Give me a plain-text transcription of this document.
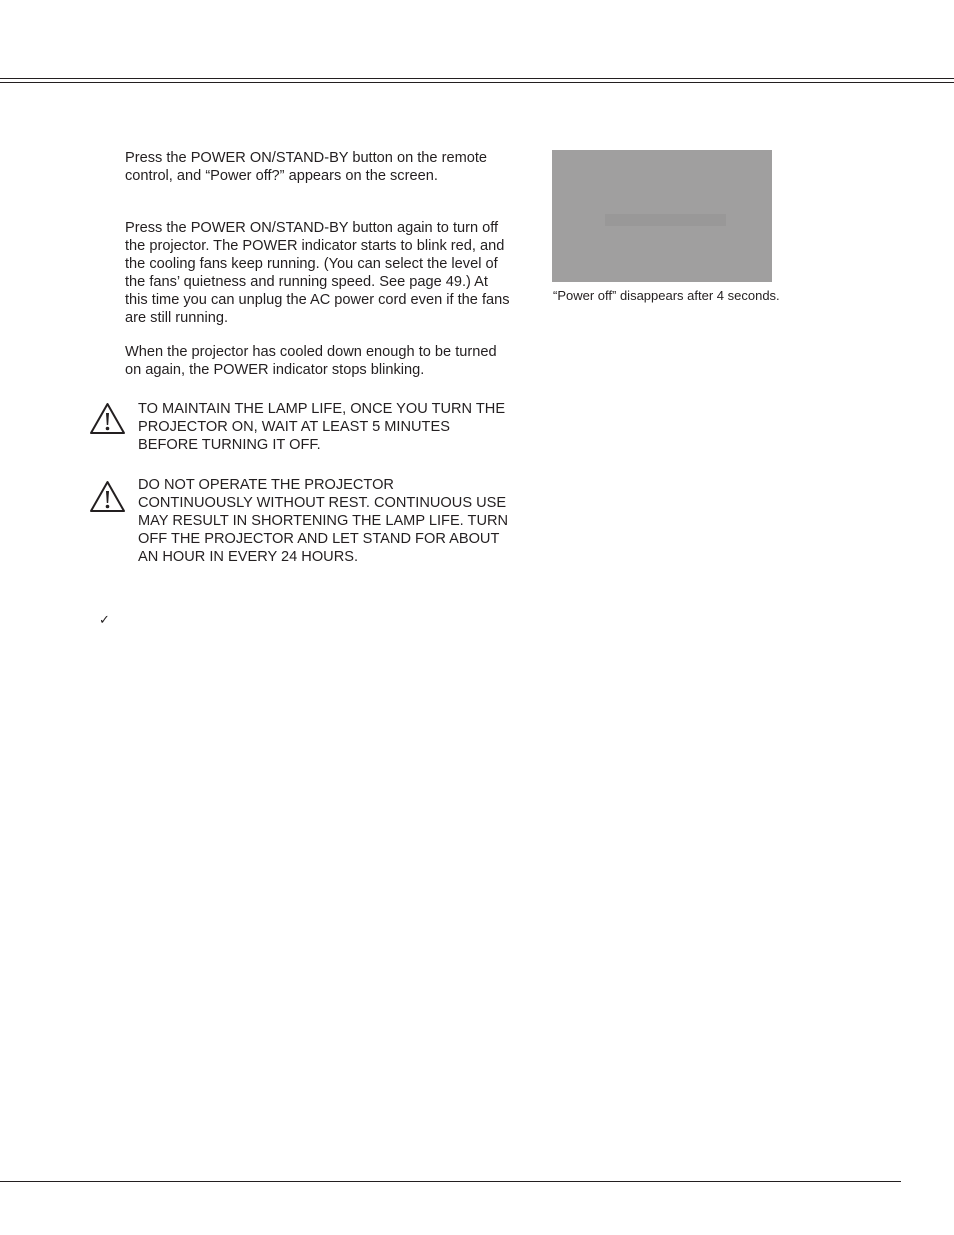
Press the POWER ON/STAND-BY button on the remote control, and “Power off?” appears on the screen.

Press the POWER ON/STAND-BY button again to turn off the projector. The POWER indicator starts to blink red, and the cooling fans keep running. (You can select the level of the fans’ quietness and running speed. See page 49.) At this time you can unplug the AC power cord even if the fans are still running.

When the projector has cooled down enough to be turned on again, the POWER indicator stops blinking.

TO MAINTAIN THE LAMP LIFE, ONCE YOU TURN THE PROJECTOR ON, WAIT AT LEAST 5 MINUTES BEFORE TURNING IT OFF.

DO NOT OPERATE THE PROJECTOR CONTINUOUSLY WITHOUT REST. CONTINUOUS USE MAY RESULT IN SHORTENING THE LAMP LIFE. TURN OFF THE PROJECTOR AND LET STAND FOR ABOUT AN HOUR IN EVERY 24 HOURS.

✓

“Power off” disappears after 4 seconds.
